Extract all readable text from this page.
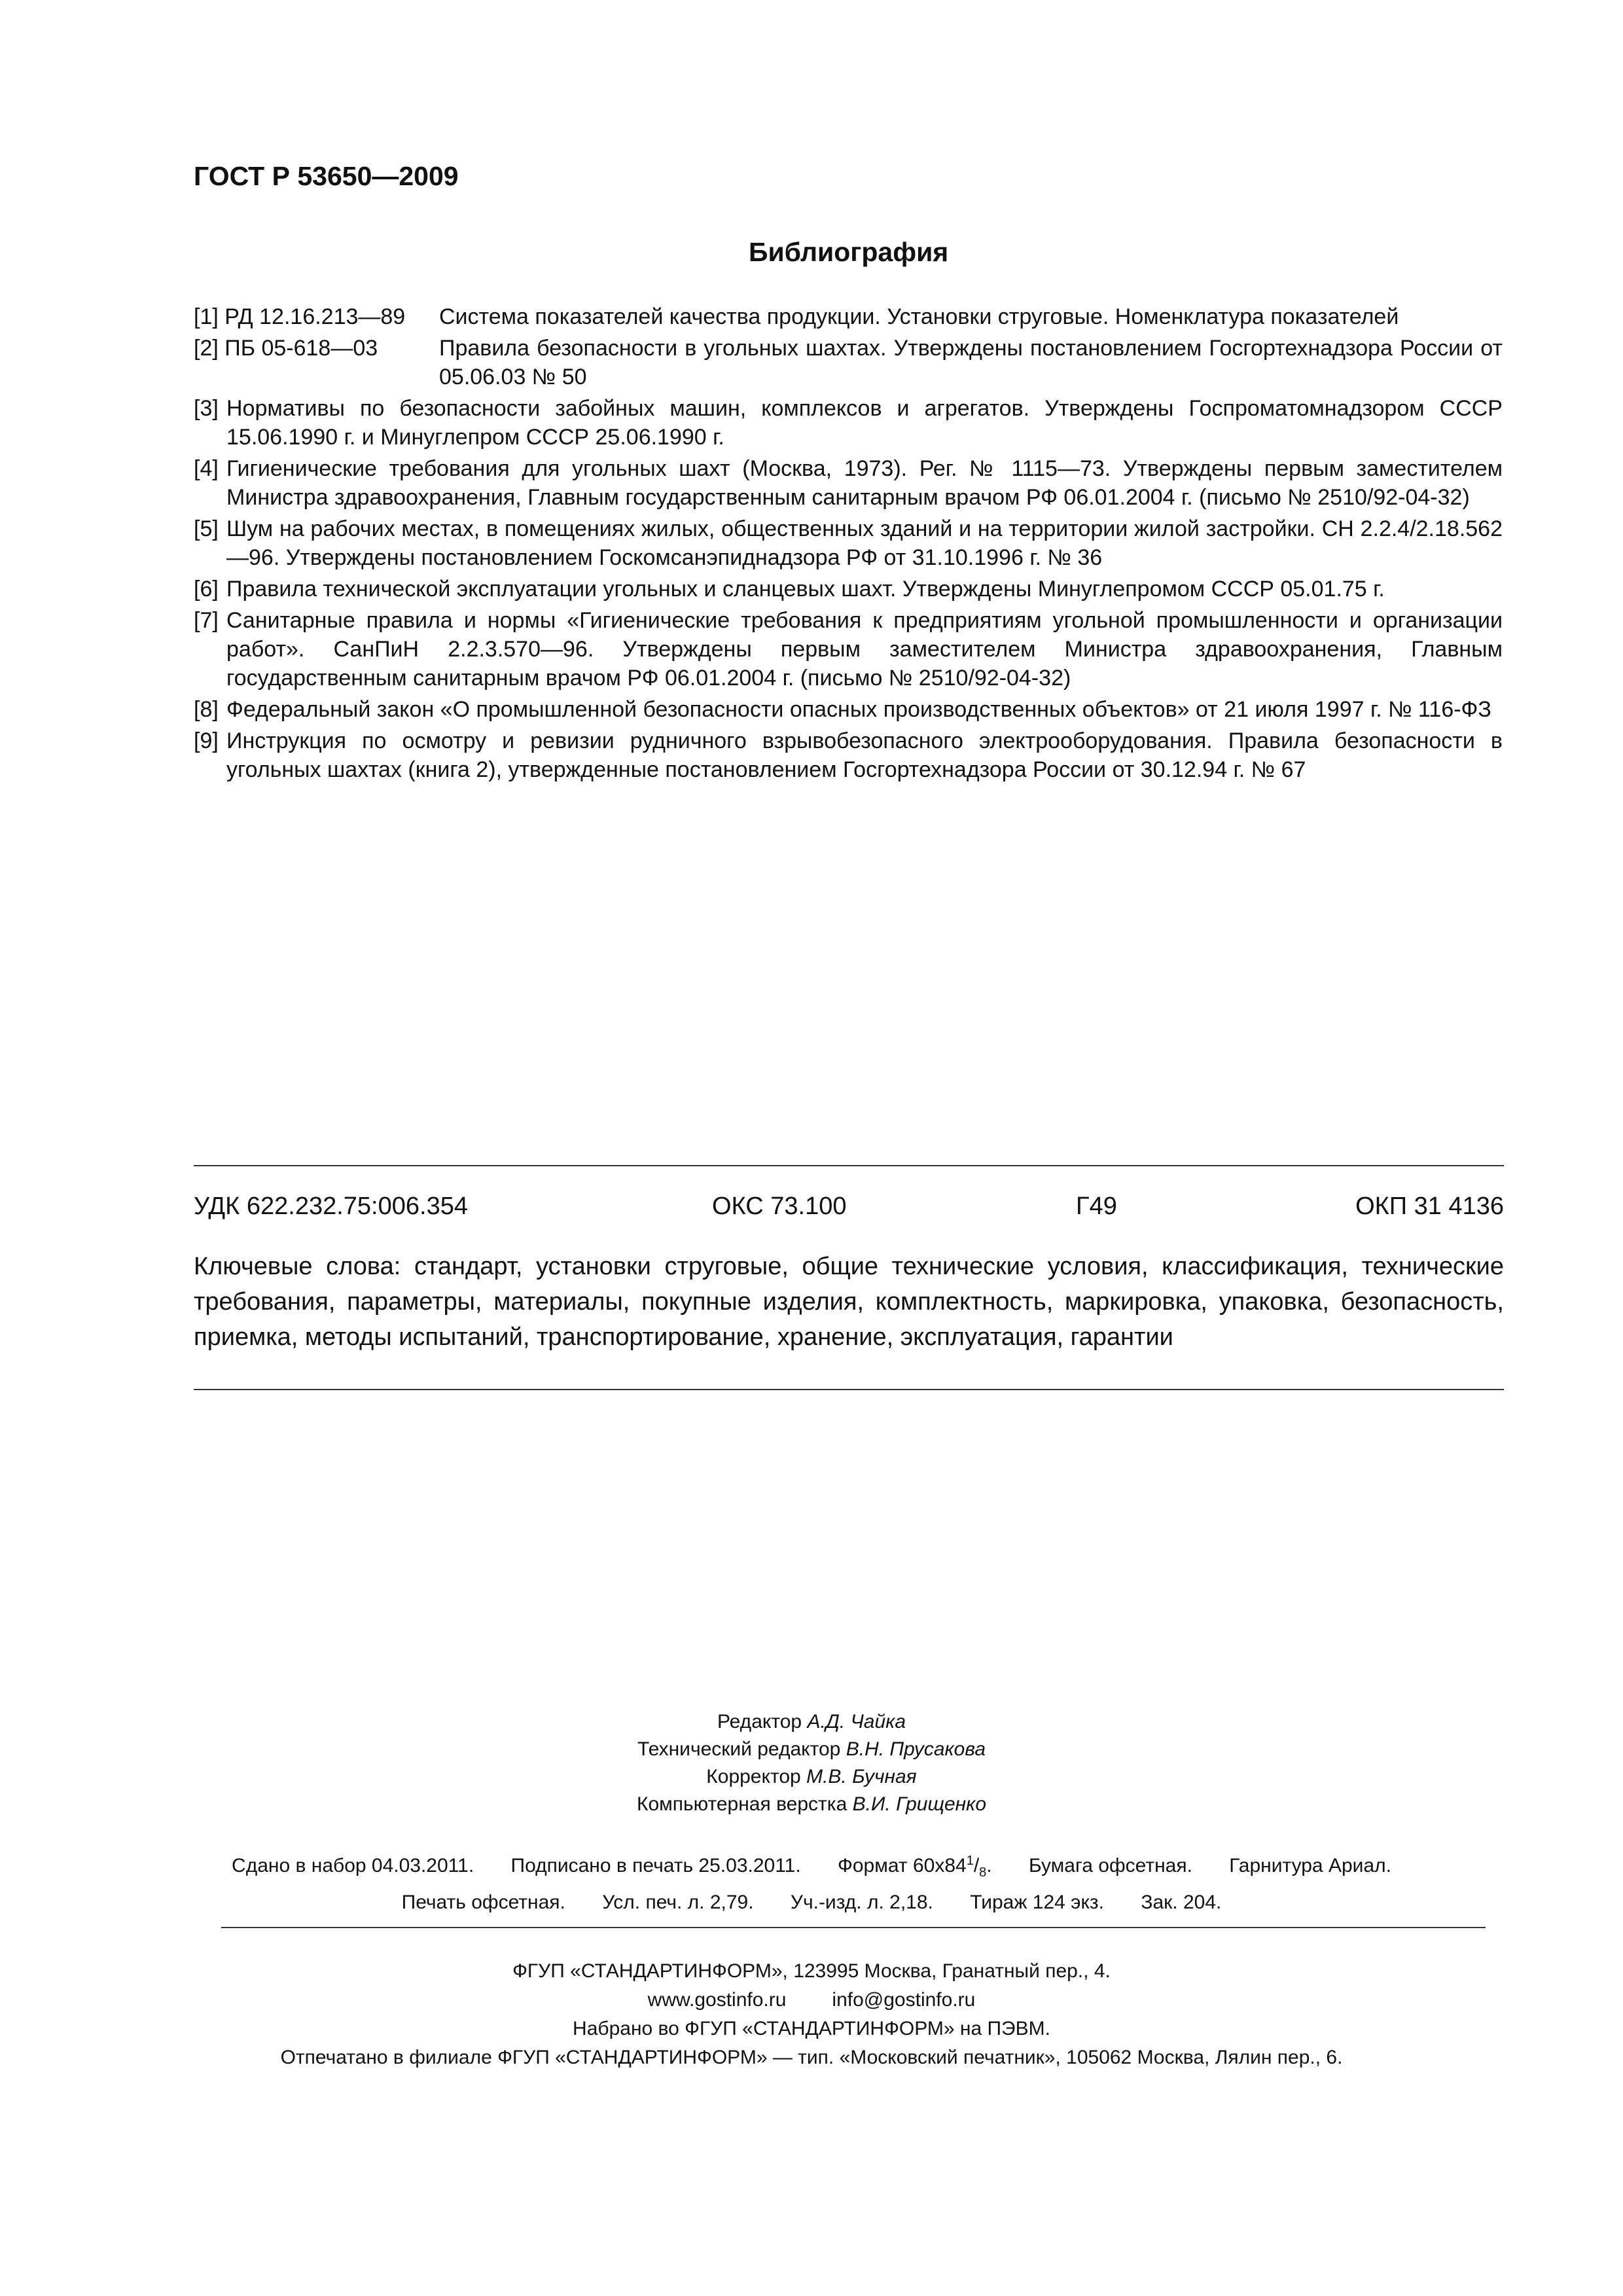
ГОСТ Р 53650—2009
Библиография
[1] РД 12.16.213—89 Система показателей качества продукции. Установки струговые. Номенклатура показателей
[2] ПБ 05-618—03	Правила безопасности в угольных шахтах. Утверждены постановлением Госгортехнадзора России от 05.06.03 № 50
[3] Нормативы по безопасности забойных машин, комплексов и агрегатов. Утверждены Госпроматомнадзором СССР 15.06.1990 г. и Минуглепром СССР 25.06.1990 г.
[4] Гигиенические требования для угольных шахт (Москва, 1973). Рег. № 1115—73. Утверждены первым заместителем Министра здравоохранения, Главным государственным санитарным врачом РФ 06.01.2004 г. (письмо № 2510/92-04-32)
[5] Шум на рабочих местах, в помещениях жилых, общественных зданий и на территории жилой застройки. СН 2.2.4/2.18.562—96. Утверждены постановлением Госкомсанэпиднадзора РФ от 31.10.1996 г. № 36
[6] Правила технической эксплуатации угольных и сланцевых шахт. Утверждены Минуглепромом СССР 05.01.75 г.
[7] Санитарные правила и нормы «Гигиенические требования к предприятиям угольной промышленности и организации работ». СанПиН 2.2.3.570—96. Утверждены первым заместителем Министра здравоохранения, Главным государственным санитарным врачом РФ 06.01.2004 г. (письмо № 2510/92-04-32)
[8] Федеральный закон «О промышленной безопасности опасных производственных объектов» от 21 июля 1997 г. № 116-ФЗ
[9] Инструкция по осмотру и ревизии рудничного взрывобезопасного электрооборудования. Правила безопасности в угольных шахтах (книга 2), утвержденные постановлением Госгортехнадзора России от 30.12.94 г. № 67
УДК 622.232.75:006.354	ОКС 73.100	Г49	ОКП 31 4136
Ключевые слова: стандарт, установки струговые, общие технические условия, классификация, технические требования, параметры, материалы, покупные изделия, комплектность, маркировка, упаковка, безопасность, приемка, методы испытаний, транспортирование, хранение, эксплуатация, гарантии
Редактор А.Д. Чайка
Технический редактор В.Н. Прусакова
Корректор М.В. Бучная
Компьютерная верстка В.И. Грищенко
Сдано в набор 04.03.2011. Подписано в печать 25.03.2011. Формат $60х84^1/_8$. Бумага офсетная. Гарнитура Ариал.
Печать офсетная. Усл. печ. л. 2,79. Уч.-изд. л. 2,18. Тираж 124 экз. Зак. 204.
ФГУП «СТАНДАРТИНФОРМ», 123995 Москва, Гранатный пер., 4.
www.gostinfo.ru info@gostinfo.ru
Набрано во ФГУП «СТАНДАРТИНФОРМ» на ПЭВМ.
Отпечатано в филиале ФГУП «СТАНДАРТИНФОРМ» — тип. «Московский печатник», 105062 Москва, Лялин пер., 6.
